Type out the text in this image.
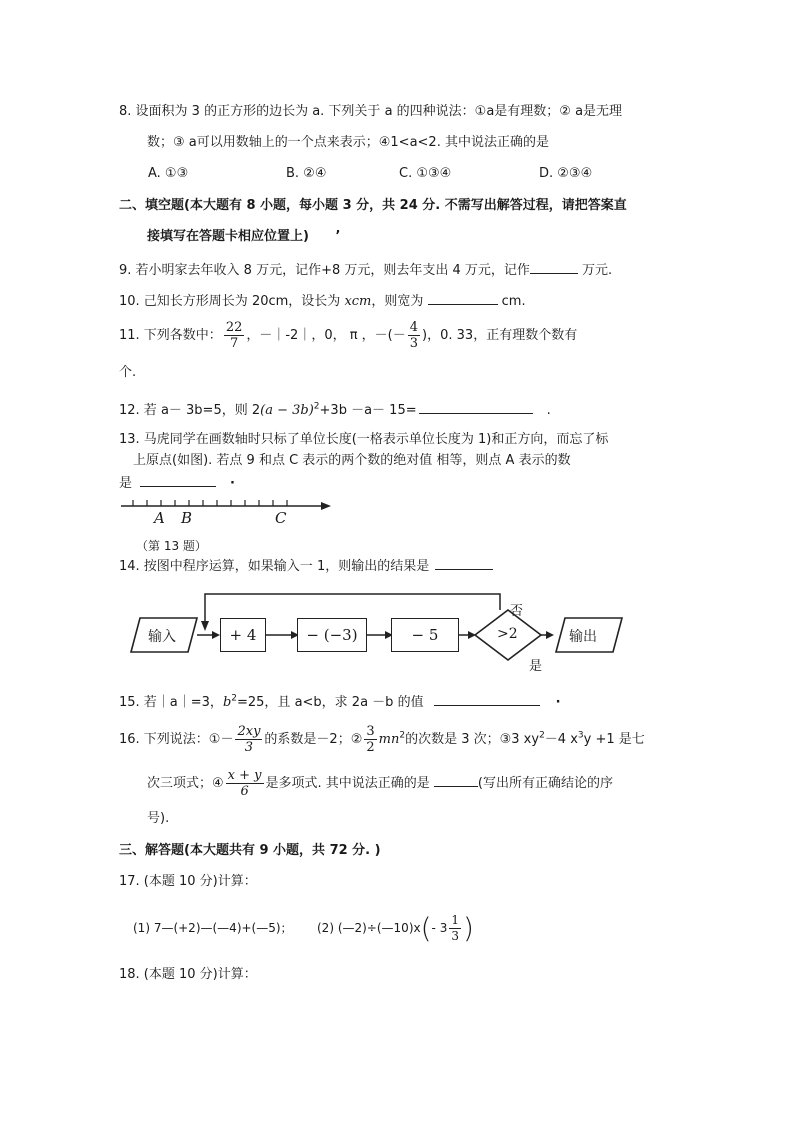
8. 设面积为 3 的正方形的边长为 a. 下列关于 a 的四种说法：①a是有理数；② a是无理
数；③ a可以用数轴上的一个点来表示；④1<a<2. 其中说法正确的是
A. ①③	B. ②④	C. ①③④	D. ②③④
二、填空题(本大题有 8 小题，每小题 3 分，共 24 分. 不需写出解答过程，请把答案直
接填写在答题卡相应位置上) ’
9. 若小明家去年收入 8 万元，记作+8 万元，则去年支出 4 万元，记作	万元.
10. 己知长方形周长为 20cm，设长为 xcm，则宽为	cm.
11. 下列各数中： $\frac{22}{7}$ ，－｜-2｜，0， π ，－(－ $\frac{4}{3}$ )，0. 33，正有理数个数有
个.
12. 若 a－ 3b=5，则 $2(a - 3b)^2+3b -a- 15=$	.
13. 马虎同学在画数轴时只标了单位长度(一格表示单位长度为 1)和正方向，而忘了标
上原点(如图). 若点 9 和点 C 表示的两个数的绝对值 相等，则点 A 表示的数
是	·
A B	C
（第 13 题）
14. 按图中程序运算，如果输入一 1，则输出的结果是
输入	+ 4	− (−3)	− 5	>2
否
是
输出
15. 若｜a｜=3，$b^2=25$，且 a<b，求 2a －b 的值	·
16. 下列说法：①－ $\frac{2xy}{3}$ 的系数是－2；② $\frac{3}{2} mn^2$的次数是 3 次；③3 $xy^2-4$ $x^3y +1$ 是七
次三项式；④ $\frac{x + y}{6}$ 是多项式. 其中说法正确的是	(写出所有正确结论的序
号).
三、解答题(本大题共有 9 小题，共 72 分. )
17. (本题 10 分)计算：
(1) 7—(+2)—(—4)+(—5)； (2) (—2)÷(—10)x(- $3 \frac{1}{3}$ )
18. (本题 10 分)计算：
